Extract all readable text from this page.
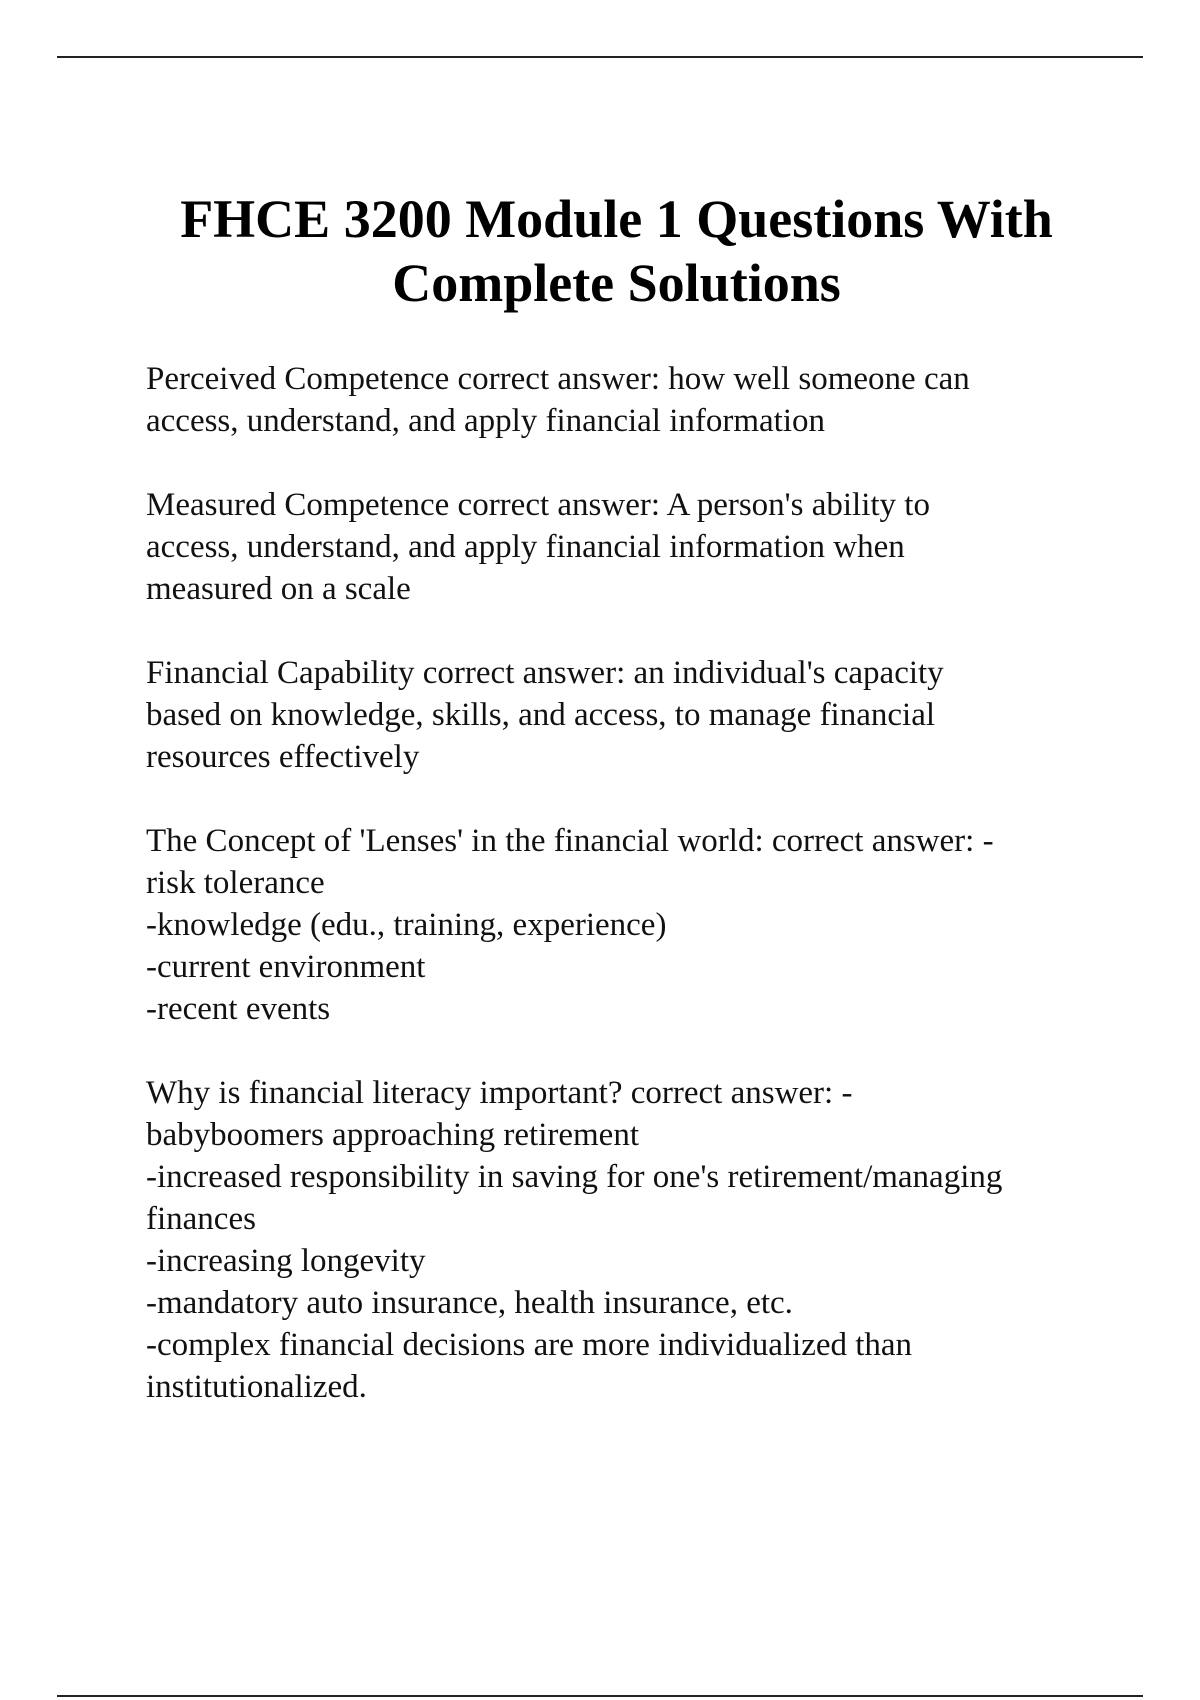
FHCE 3200 Module 1 Questions With
Complete Solutions

Perceived Competence correct answer: how well someone can
access, understand, and apply financial information

Measured Competence correct answer: A person's ability to
access, understand, and apply financial information when
measured on a scale

Financial Capability correct answer: an individual's capacity
based on knowledge, skills, and access, to manage financial
resources effectively

The Concept of 'Lenses' in the financial world: correct answer: -
risk tolerance
-knowledge (edu., training, experience)
-current environment
-recent events

Why is financial literacy important? correct answer: -
babyboomers approaching retirement
-increased responsibility in saving for one's retirement/managing
finances
-increasing longevity
-mandatory auto insurance, health insurance, etc.
-complex financial decisions are more individualized than
institutionalized.
